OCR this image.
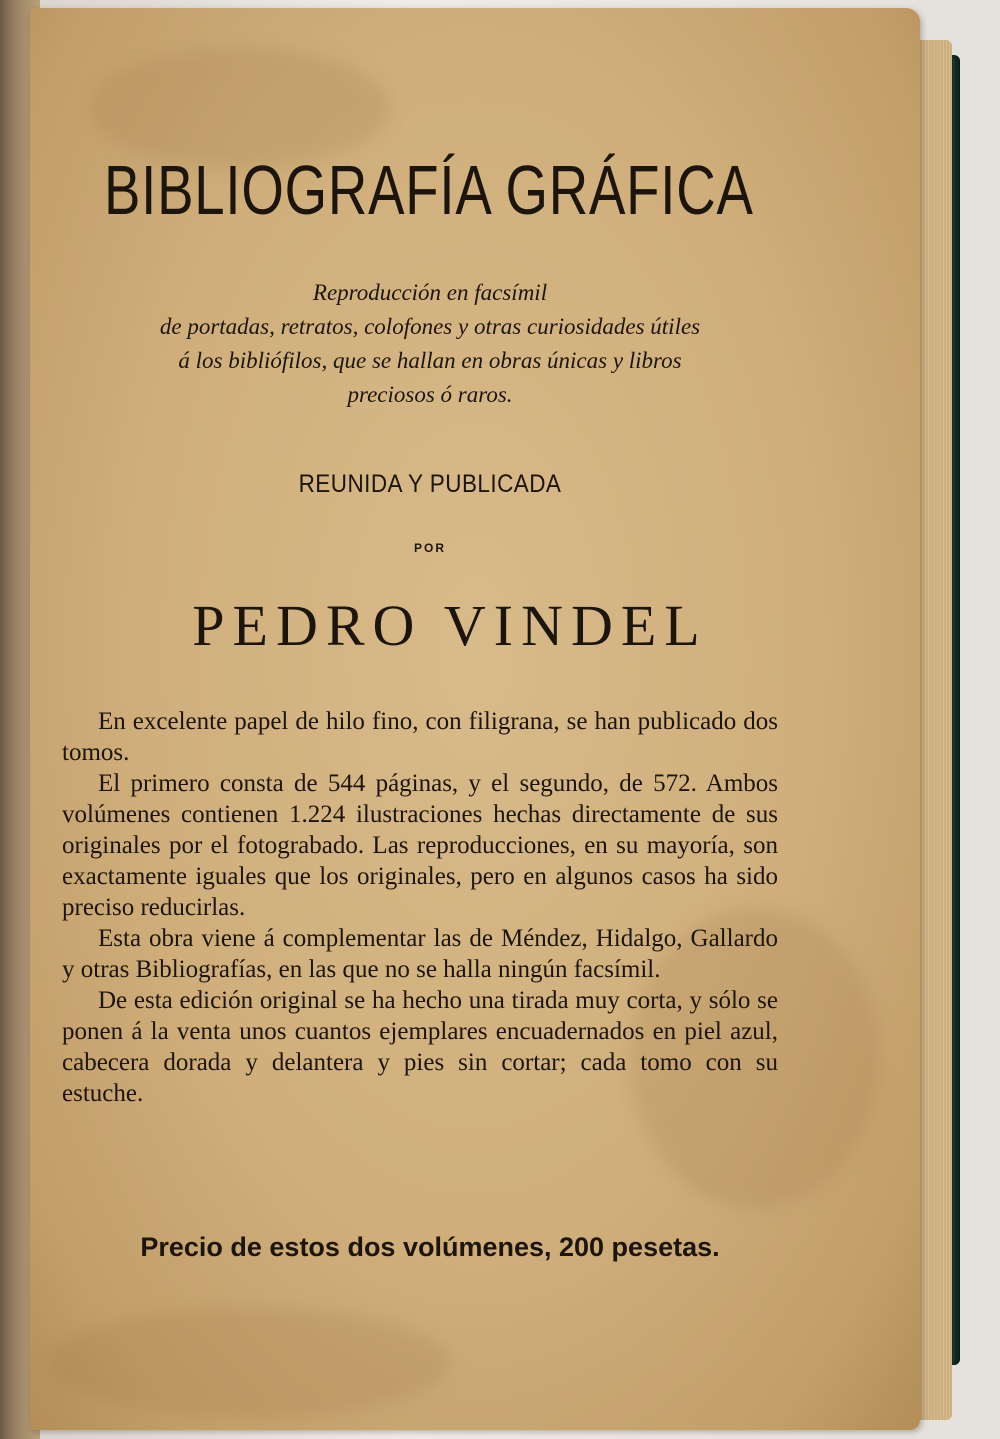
BIBLIOGRAFÍA GRÁFICA
Reproducción en facsímil
de portadas, retratos, colofones y otras curiosidades útiles
á los bibliófilos, que se hallan en obras únicas y libros
preciosos ó raros.
REUNIDA Y PUBLICADA
POR
PEDRO VINDEL

En excelente papel de hilo fino, con filigrana, se han publicado dos tomos.

El primero consta de 544 páginas, y el segundo, de 572. Ambos volúmenes contienen 1.224 ilustraciones hechas directamente de sus originales por el fotograbado. Las reproducciones, en su mayoría, son exactamente iguales que los originales, pero en algunos casos ha sido preciso reducirlas.

Esta obra viene á complementar las de Méndez, Hidalgo, Gallardo y otras Bibliografías, en las que no se halla ningún facsímil.

De esta edición original se ha hecho una tirada muy corta, y sólo se ponen á la venta unos cuantos ejemplares encuadernados en piel azul, cabecera dorada y delantera y pies sin cortar; cada tomo con su estuche.

Precio de estos dos volúmenes, 200 pesetas.
